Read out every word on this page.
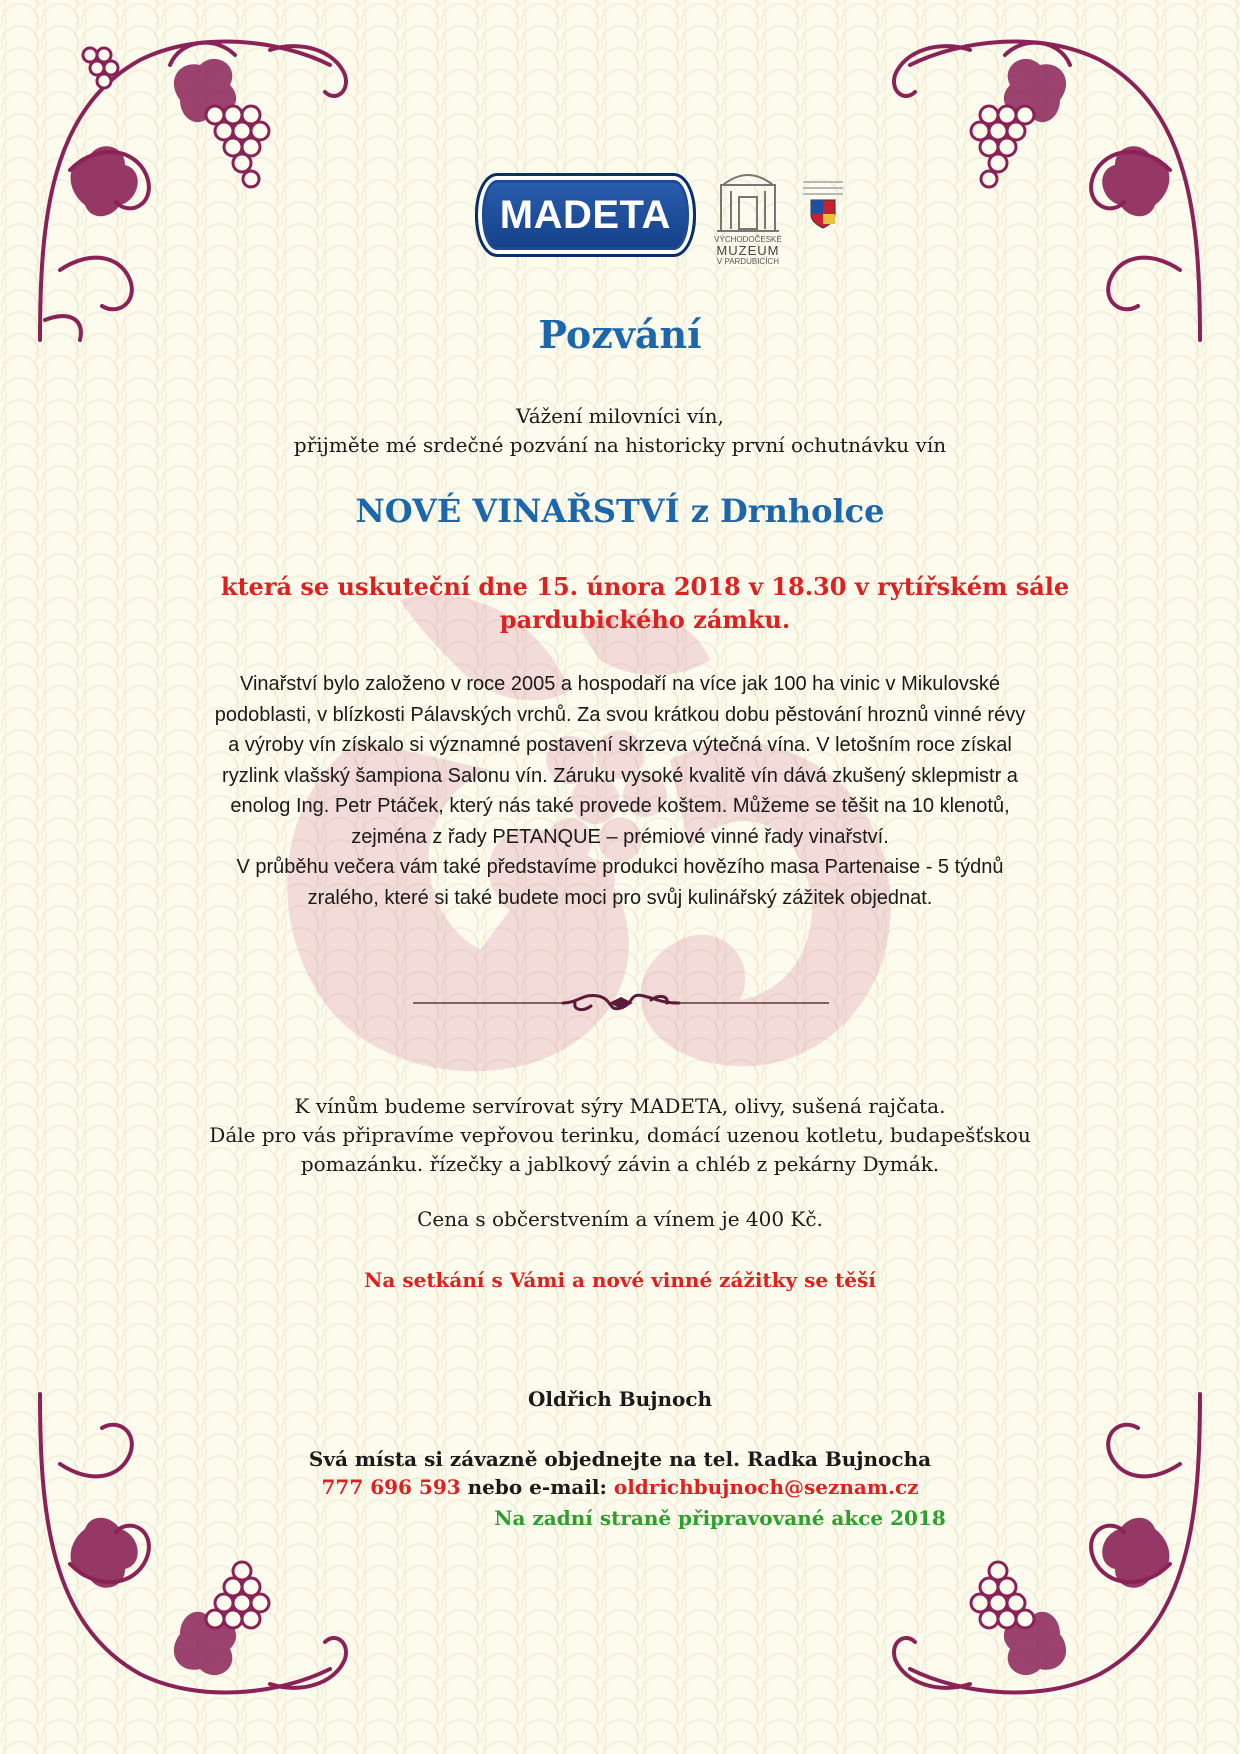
MADETA
VÝCHODOČESKÉ
MUZEUM
V PARDUBICÍCH
Pozvání
Vážení milovníci vín,
přijměte mé srdečné pozvání na historicky první ochutnávku vín
NOVÉ VINAŘSTVÍ z Drnholce
která se uskuteční dne 15. února 2018 v 18.30 v rytířském sále
pardubického zámku.
Vinařství bylo založeno v roce 2005 a hospodaří na více jak 100 ha vinic v Mikulovské
podoblasti, v blízkosti Pálavských vrchů. Za svou krátkou dobu pěstování hroznů vinné révy
a výroby vín získalo si významné postavení skrzeva výtečná vína. V letošním roce získal
ryzlink vlašský šampiona Salonu vín. Záruku vysoké kvalitě vín dává zkušený sklepmistr a
enolog Ing. Petr Ptáček, který nás také provede koštem. Můžeme se těšit na 10 klenotů,
zejména z řady PETANQUE – prémiové vinné řady vinařství.
V průběhu večera vám také představíme produkci hovězího masa Partenaise - 5 týdnů
zralého, které si také budete moci pro svůj kulinářský zážitek objednat.
K vínům budeme servírovat sýry MADETA, olivy, sušená rajčata.
Dále pro vás připravíme vepřovou terinku, domácí uzenou kotletu, budapešťskou
pomazánku. řízečky a jablkový závin a chléb z pekárny Dymák.
Cena s občerstvením a vínem je 400 Kč.
Na setkání s Vámi a nové vinné zážitky se těší
Oldřich Bujnoch
Svá místa si závazně objednejte na tel. Radka Bujnocha
777 696 593 nebo e-mail: oldrichbujnoch@seznam.cz
Na zadní straně připravované akce 2018
